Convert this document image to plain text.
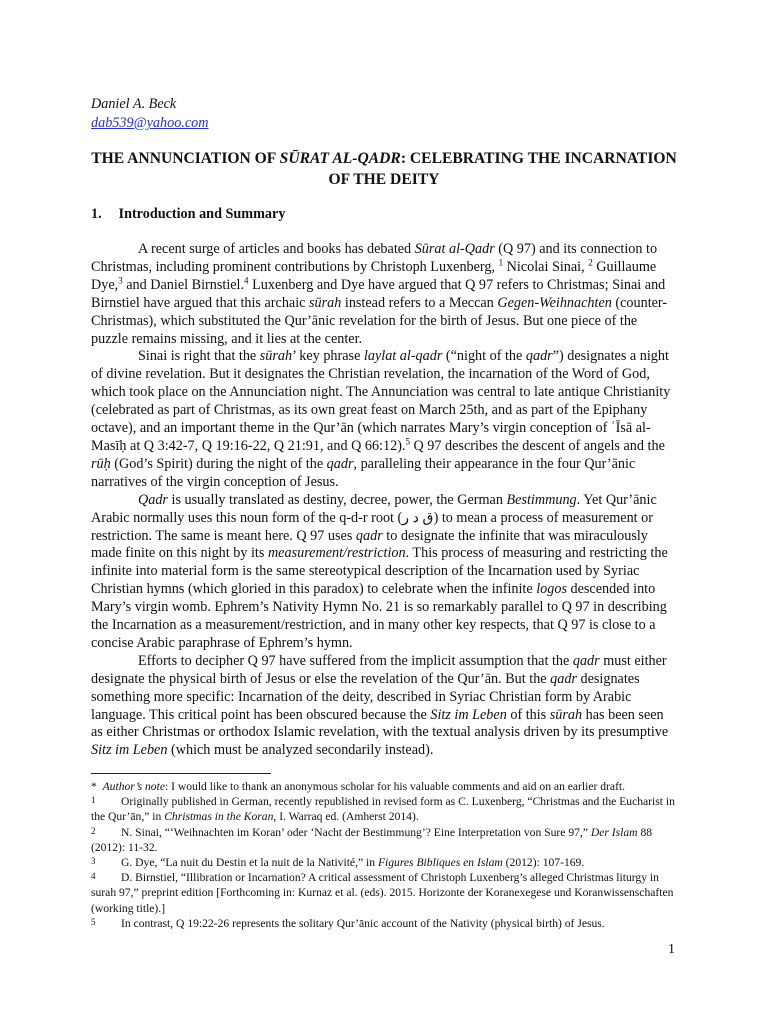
Daniel A. Beck
dab539@yahoo.com
THE ANNUNCIATION OF SŪRAT AL-QADR: CELEBRATING THE INCARNATION OF THE DEITY
1. Introduction and Summary

A recent surge of articles and books has debated Sūrat al-Qadr (Q 97) and its connection to Christmas, including prominent contributions by Christoph Luxenberg, $^1$ Nicolai Sinai, $^2$ Guillaume Dye,$^3$ and Daniel Birnstiel.$^4$ Luxenberg and Dye have argued that Q 97 refers to Christmas; Sinai and Birnstiel have argued that this archaic sūrah instead refers to a Meccan Gegen-Weihnachten (counter-Christmas), which substituted the Qur’ānic revelation for the birth of Jesus. But one piece of the puzzle remains missing, and it lies at the center.

Sinai is right that the sūrah’ key phrase laylat al-qadr (“night of the qadr”) designates a night of divine revelation. But it designates the Christian revelation, the incarnation of the Word of God, which took place on the Annunciation night. The Annunciation was central to late antique Christianity (celebrated as part of Christmas, as its own great feast on March 25th, and as part of the Epiphany octave), and an important theme in the Qur’ān (which narrates Mary’s virgin conception of ʿĪsā al-Masīḥ at Q 3:42-7, Q 19:16-22, Q 21:91, and Q 66:12).$^5$ Q 97 describes the descent of angels and the rūḥ (God’s Spirit) during the night of the qadr, paralleling their appearance in the four Qur’ānic narratives of the virgin conception of Jesus.

Qadr is usually translated as destiny, decree, power, the German Bestimmung. Yet Qur’ānic Arabic normally uses this noun form of the q-d-r root (ق د ر) to mean a process of measurement or restriction. The same is meant here. Q 97 uses qadr to designate the infinite that was miraculously made finite on this night by its measurement/restriction. This process of measuring and restricting the infinite into material form is the same stereotypical description of the Incarnation used by Syriac Christian hymns (which gloried in this paradox) to celebrate when the infinite logos descended into Mary’s virgin womb. Ephrem’s Nativity Hymn No. 21 is so remarkably parallel to Q 97 in describing the Incarnation as a measurement/restriction, and in many other key respects, that Q 97 is close to a concise Arabic paraphrase of Ephrem’s hymn.

Efforts to decipher Q 97 have suffered from the implicit assumption that the qadr must either designate the physical birth of Jesus or else the revelation of the Qur’ān. But the qadr designates something more specific: Incarnation of the deity, described in Syriac Christian form by Arabic language. This critical point has been obscured because the Sitz im Leben of this sūrah has been seen as either Christmas or orthodox Islamic revelation, with the textual analysis driven by its presumptive Sitz im Leben (which must be analyzed secondarily instead).

* Author’s note: I would like to thank an anonymous scholar for his valuable comments and aid on an earlier draft.
1 Originally published in German, recently republished in revised form as C. Luxenberg, “Christmas and the Eucharist in the Qur’ān,” in Christmas in the Koran, I. Warraq ed. (Amherst 2014).
2 N. Sinai, “‘Weihnachten im Koran’ oder ‘Nacht der Bestimmung’? Eine Interpretation von Sure 97,” Der Islam 88 (2012): 11-32.
3 G. Dye, “La nuit du Destin et la nuit de la Nativité,” in Figures Bibliques en Islam (2012): 107-169.
4 D. Birnstiel, “Illibration or Incarnation? A critical assessment of Christoph Luxenberg’s alleged Christmas liturgy in surah 97,” preprint edition [Forthcoming in: Kurnaz et al. (eds). 2015. Horizonte der Koranexegese und Koranwissenschaften (working title).]
5 In contrast, Q 19:22-26 represents the solitary Qur’ānic account of the Nativity (physical birth) of Jesus.
1
